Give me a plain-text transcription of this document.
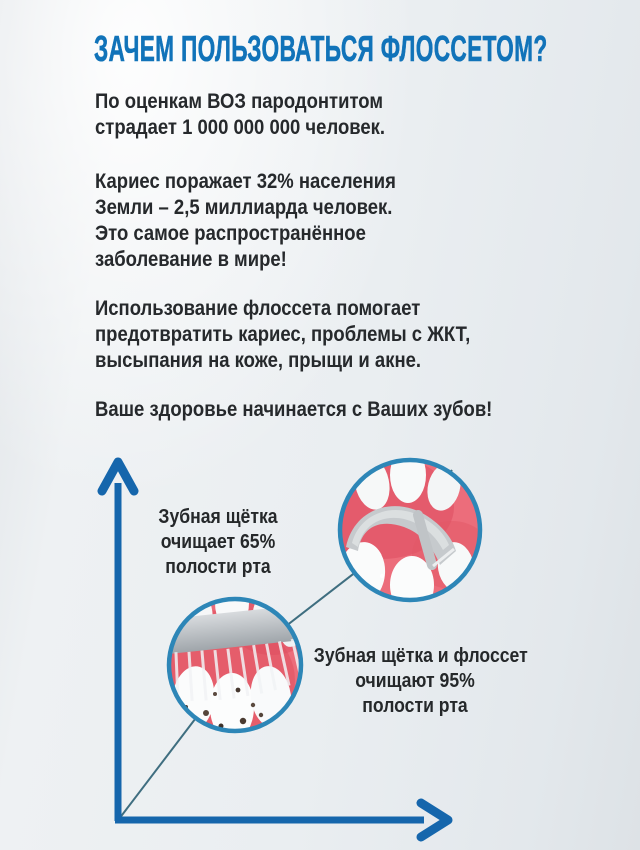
ЗАЧЕМ ПОЛЬЗОВАТЬСЯ ФЛОССЕТОМ?
По оценкам ВОЗ пародонтитом
страдает 1 000 000 000 человек.
Кариес поражает 32% населения
Земли – 2,5 миллиарда человек.
Это самое распространённое
заболевание в мире!
Использование флоссета помогает
предотвратить кариес, проблемы с ЖКТ,
высыпания на коже, прыщи и акне.
Ваше здоровье начинается с Ваших зубов!
Зубная щётка
очищает 65%
полости рта
Зубная щётка и флоссет
очищают 95%
полости рта
